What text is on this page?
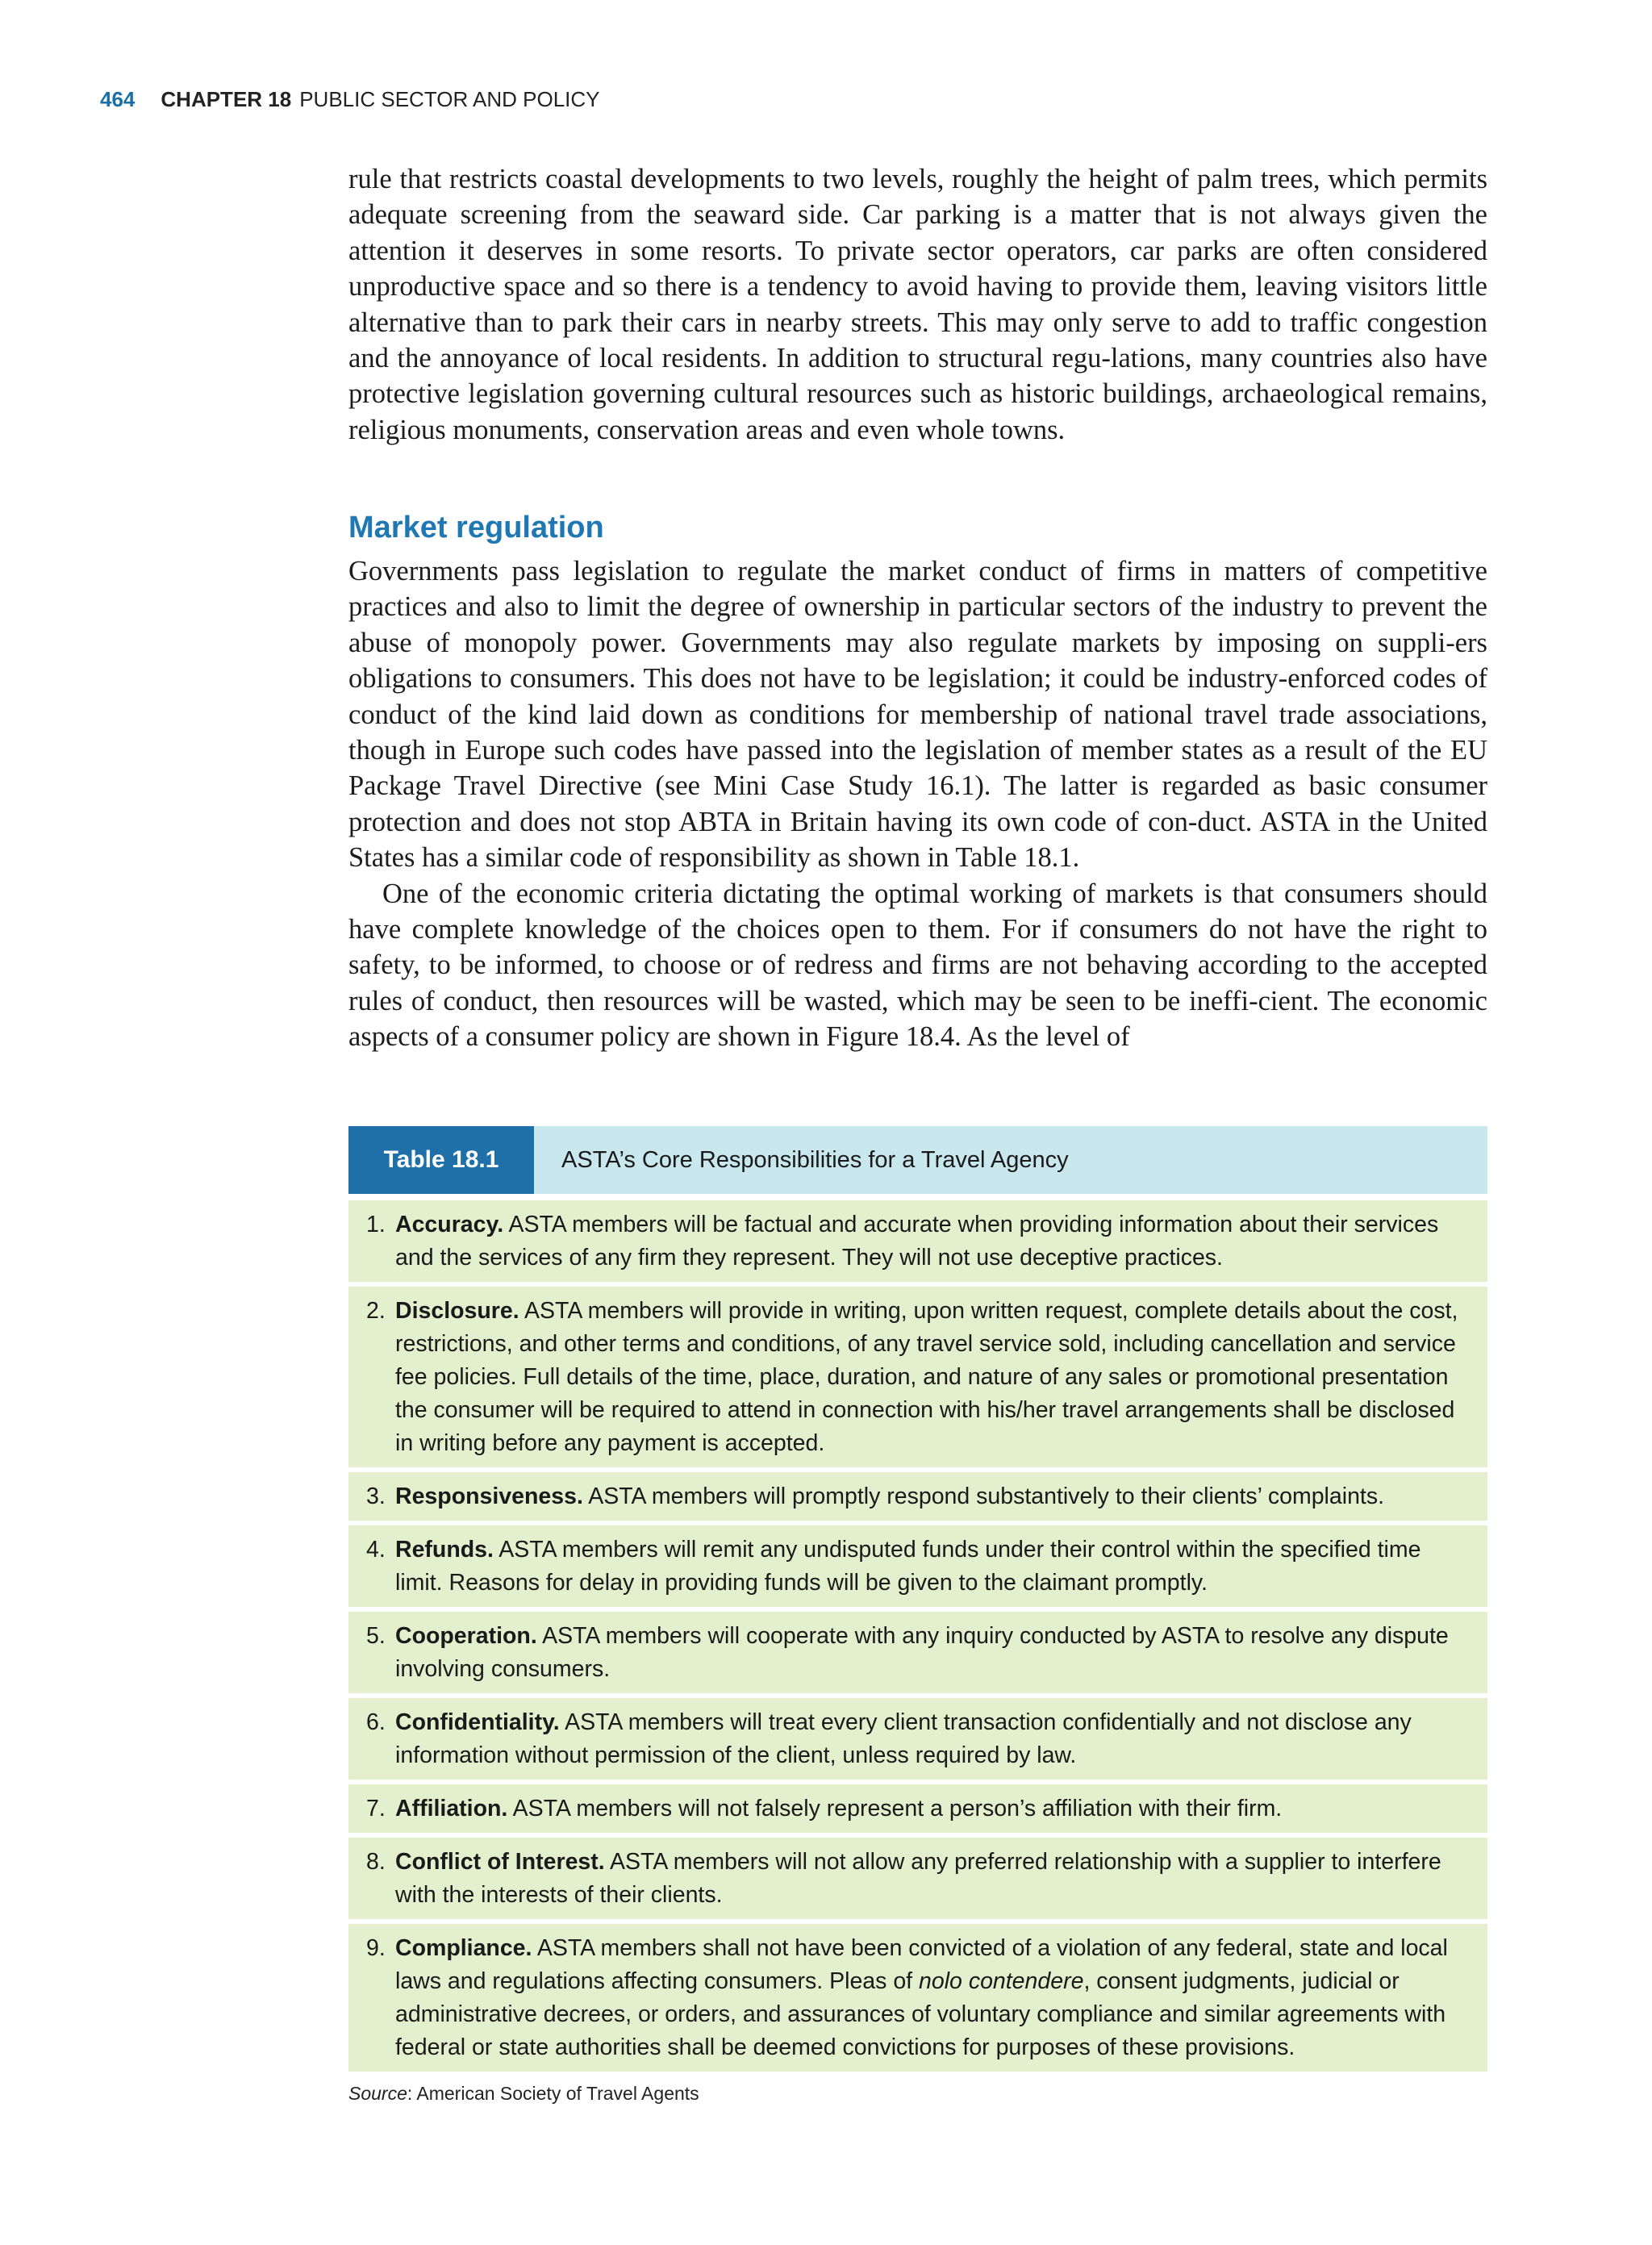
464 CHAPTER 18 PUBLIC SECTOR AND POLICY

rule that restricts coastal developments to two levels, roughly the height of palm trees, which permits adequate screening from the seaward side. Car parking is a matter that is not always given the attention it deserves in some resorts. To private sector operators, car parks are often considered unproductive space and so there is a tendency to avoid having to provide them, leaving visitors little alternative than to park their cars in nearby streets. This may only serve to add to traffic congestion and the annoyance of local residents. In addition to structural regu-lations, many countries also have protective legislation governing cultural resources such as historic buildings, archaeological remains, religious monuments, conservation areas and even whole towns.

Market regulation

Governments pass legislation to regulate the market conduct of firms in matters of competitive practices and also to limit the degree of ownership in particular sectors of the industry to prevent the abuse of monopoly power. Governments may also regulate markets by imposing on suppli-ers obligations to consumers. This does not have to be legislation; it could be industry-enforced codes of conduct of the kind laid down as conditions for membership of national travel trade associations, though in Europe such codes have passed into the legislation of member states as a result of the EU Package Travel Directive (see Mini Case Study 16.1). The latter is regarded as basic consumer protection and does not stop ABTA in Britain having its own code of con-duct. ASTA in the United States has a similar code of responsibility as shown in Table 18.1.

One of the economic criteria dictating the optimal working of markets is that consumers should have complete knowledge of the choices open to them. For if consumers do not have the right to safety, to be informed, to choose or of redress and firms are not behaving according to the accepted rules of conduct, then resources will be wasted, which may be seen to be ineffi-cient. The economic aspects of a consumer policy are shown in Figure 18.4. As the level of

Table 18.1	ASTA’s Core Responsibilities for a Travel Agency
1. Accuracy. ASTA members will be factual and accurate when providing information about their services and the services of any firm they represent. They will not use deceptive practices.
2. Disclosure. ASTA members will provide in writing, upon written request, complete details about the cost, restrictions, and other terms and conditions, of any travel service sold, including cancellation and service fee policies. Full details of the time, place, duration, and nature of any sales or promotional presentation the consumer will be required to attend in connection with his/her travel arrangements shall be disclosed in writing before any payment is accepted.
3. Responsiveness. ASTA members will promptly respond substantively to their clients’ complaints.
4. Refunds. ASTA members will remit any undisputed funds under their control within the specified time limit. Reasons for delay in providing funds will be given to the claimant promptly.
5. Cooperation. ASTA members will cooperate with any inquiry conducted by ASTA to resolve any dispute involving consumers.
6. Confidentiality. ASTA members will treat every client transaction confidentially and not disclose any information without permission of the client, unless required by law.
7. Affiliation. ASTA members will not falsely represent a person’s affiliation with their firm.
8. Conflict of Interest. ASTA members will not allow any preferred relationship with a supplier to interfere with the interests of their clients.
9. Compliance. ASTA members shall not have been convicted of a violation of any federal, state and local laws and regulations affecting consumers. Pleas of nolo contendere, consent judgments, judicial or administrative decrees, or orders, and assurances of voluntary compliance and similar agreements with federal or state authorities shall be deemed convictions for purposes of these provisions.
Source: American Society of Travel Agents
